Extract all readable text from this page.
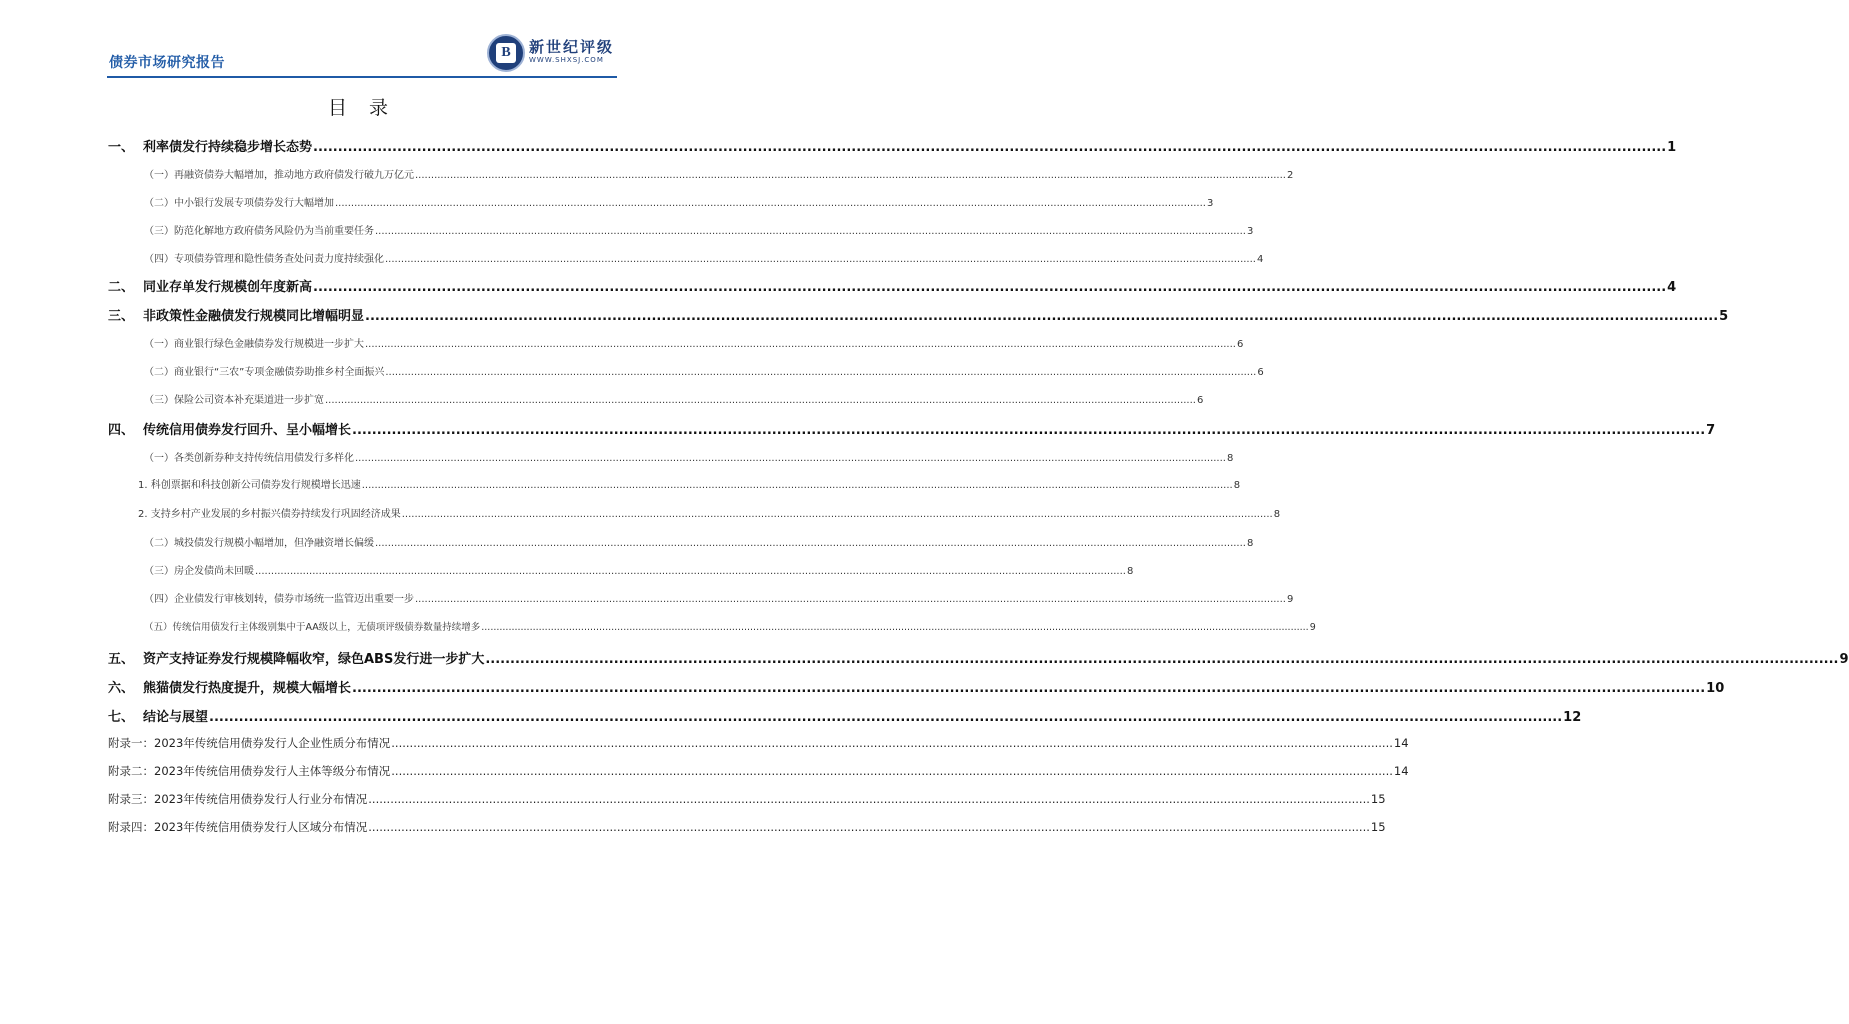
债券市场研究报告
B	新世纪评级
WWW.SHXSJ.COM
目 录
一、 利率债发行持续稳步增长态势 .................................................................................................................................................................................................................................................................................. 1
（一）再融资债券大幅增加，推动地方政府债发行破九万亿元 .................................................................................................................................................................................................................................................................................. 2
（二）中小银行发展专项债券发行大幅增加 .................................................................................................................................................................................................................................................................................. 3
（三）防范化解地方政府债务风险仍为当前重要任务 .................................................................................................................................................................................................................................................................................. 3
（四）专项债券管理和隐性债务查处问责力度持续强化 .................................................................................................................................................................................................................................................................................. 4
二、 同业存单发行规模创年度新高 .................................................................................................................................................................................................................................................................................. 4
三、 非政策性金融债发行规模同比增幅明显 .................................................................................................................................................................................................................................................................................. 5
（一）商业银行绿色金融债券发行规模进一步扩大 .................................................................................................................................................................................................................................................................................. 6
（二）商业银行“三农”专项金融债券助推乡村全面振兴 .................................................................................................................................................................................................................................................................................. 6
（三）保险公司资本补充渠道进一步扩宽 .................................................................................................................................................................................................................................................................................. 6
四、 传统信用债券发行回升、呈小幅增长 .................................................................................................................................................................................................................................................................................. 7
（一）各类创新券种支持传统信用债发行多样化 .................................................................................................................................................................................................................................................................................. 8
1. 科创票据和科技创新公司债券发行规模增长迅速 .................................................................................................................................................................................................................................................................................. 8
2. 支持乡村产业发展的乡村振兴债券持续发行巩固经济成果 .................................................................................................................................................................................................................................................................................. 8
（二）城投债发行规模小幅增加，但净融资增长偏缓 .................................................................................................................................................................................................................................................................................. 8
（三）房企发债尚未回暖 .................................................................................................................................................................................................................................................................................. 8
（四）企业债发行审核划转，债券市场统一监管迈出重要一步 .................................................................................................................................................................................................................................................................................. 9
（五）传统信用债发行主体级别集中于AA级以上，无债项评级债券数量持续增多 .................................................................................................................................................................................................................................................................................. 9
五、 资产支持证券发行规模降幅收窄，绿色ABS发行进一步扩大 .................................................................................................................................................................................................................................................................................. 9
六、 熊猫债发行热度提升，规模大幅增长 .................................................................................................................................................................................................................................................................................. 10
七、 结论与展望 .................................................................................................................................................................................................................................................................................. 12
附录一：2023年传统信用债券发行人企业性质分布情况 .................................................................................................................................................................................................................................................................................. 14
附录二：2023年传统信用债券发行人主体等级分布情况 .................................................................................................................................................................................................................................................................................. 14
附录三：2023年传统信用债券发行人行业分布情况 .................................................................................................................................................................................................................................................................................. 15
附录四：2023年传统信用债券发行人区域分布情况 .................................................................................................................................................................................................................................................................................. 15
